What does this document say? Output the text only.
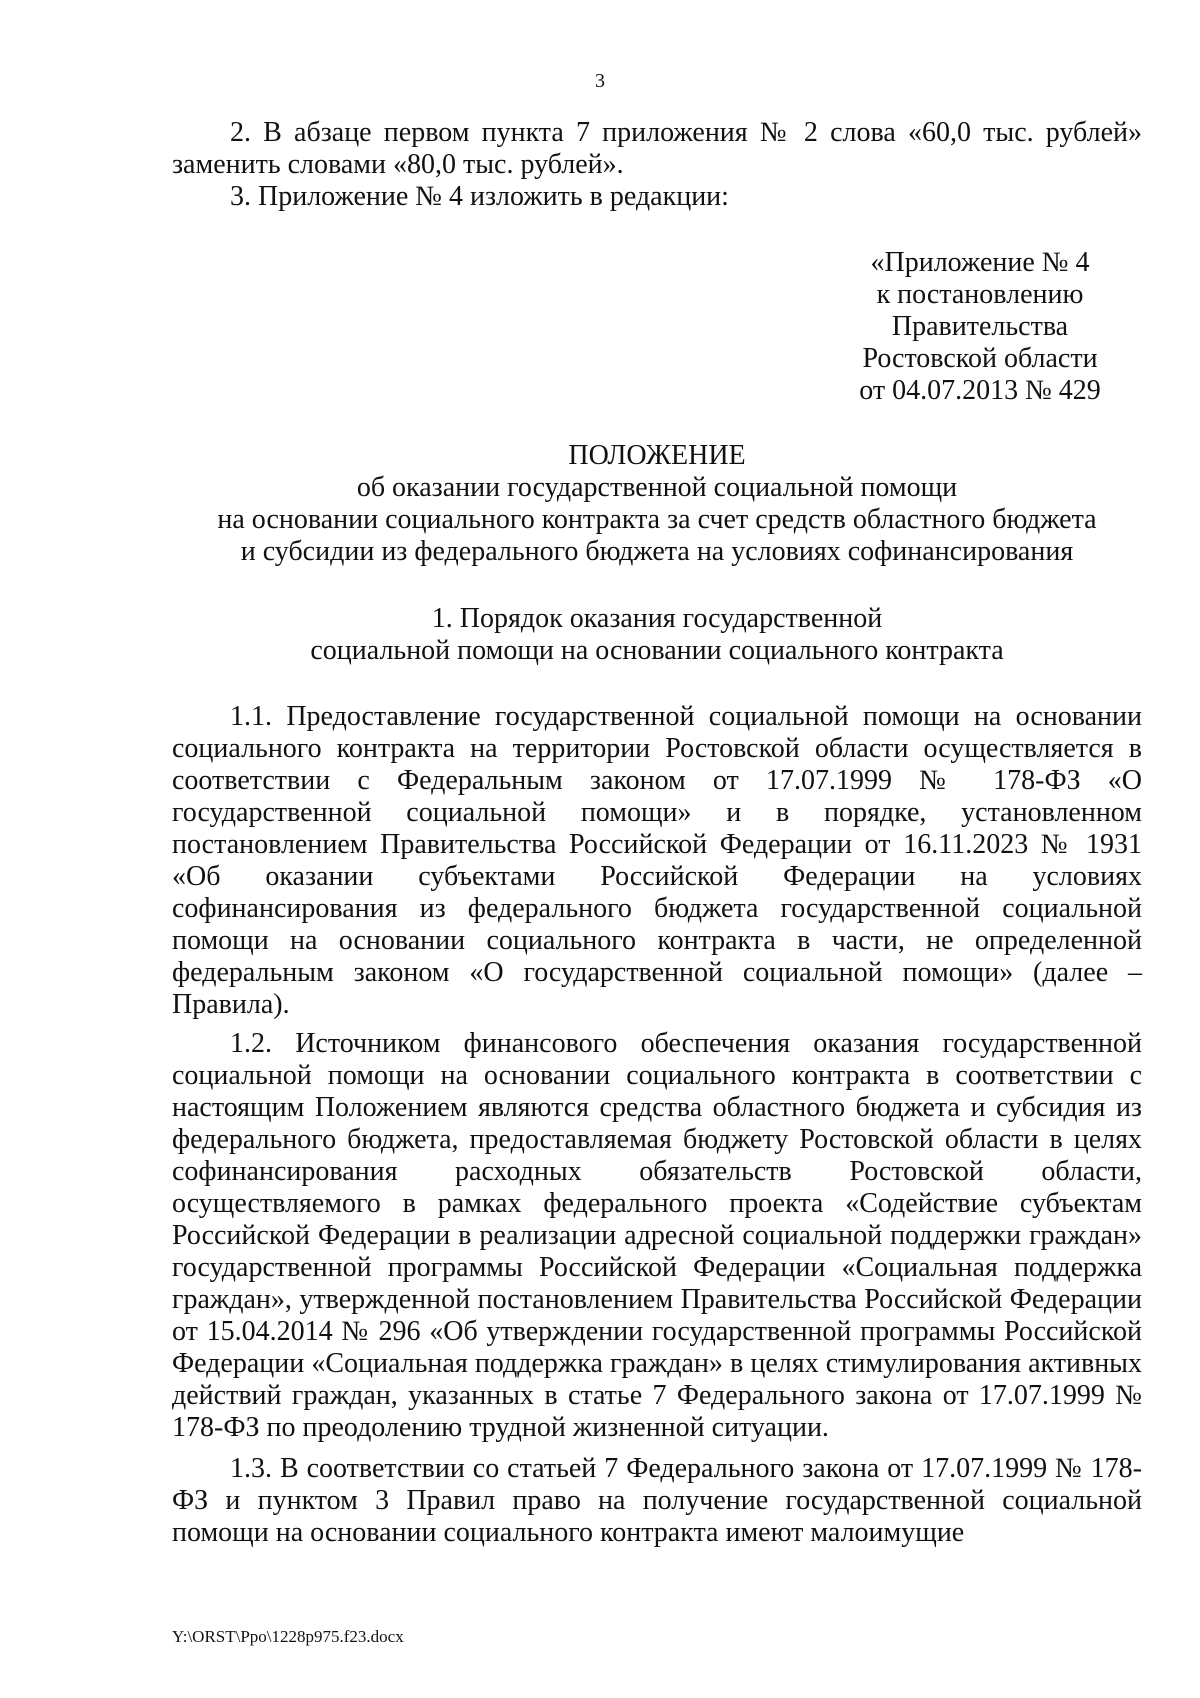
3

2. В абзаце первом пункта 7 приложения № 2 слова «60,0 тыс. рублей» заменить словами «80,0 тыс. рублей».

3. Приложение № 4 изложить в редакции:

«Приложение № 4
к постановлению
Правительства
Ростовской области
от 04.07.2013 № 429
ПОЛОЖЕНИЕ
об оказании государственной социальной помощи
на основании социального контракта за счет средств областного бюджета
и субсидии из федерального бюджета на условиях софинансирования
1. Порядок оказания государственной
социальной помощи на основании социального контракта

1.1. Предоставление государственной социальной помощи на основании социального контракта на территории Ростовской области осуществляется в соответствии с Федеральным законом от 17.07.1999 № 178-ФЗ «О государственной социальной помощи» и в порядке, установленном постановлением Правительства Российской Федерации от 16.11.2023 № 1931 «Об оказании субъектами Российской Федерации на условиях софинансирования из федерального бюджета государственной социальной помощи на основании социального контракта в части, не определенной федеральным законом «О государственной социальной помощи» (далее – Правила).

1.2. Источником финансового обеспечения оказания государственной социальной помощи на основании социального контракта в соответствии с настоящим Положением являются средства областного бюджета и субсидия из федерального бюджета, предоставляемая бюджету Ростовской области в целях софинансирования расходных обязательств Ростовской области, осуществляемого в рамках федерального проекта «Содействие субъектам Российской Федерации в реализации адресной социальной поддержки граждан» государственной программы Российской Федерации «Социальная поддержка граждан», утвержденной постановлением Правительства Российской Федерации от 15.04.2014 № 296 «Об утверждении государственной программы Российской Федерации «Социальная поддержка граждан» в целях стимулирования активных действий граждан, указанных в статье 7 Федерального закона от 17.07.1999 № 178-ФЗ по преодолению трудной жизненной ситуации.

1.3. В соответствии со статьей 7 Федерального закона от 17.07.1999 № 178-ФЗ и пунктом 3 Правил право на получение государственной социальной помощи на основании социального контракта имеют малоимущие

Y:\ORST\Ppo\1228p975.f23.docx
